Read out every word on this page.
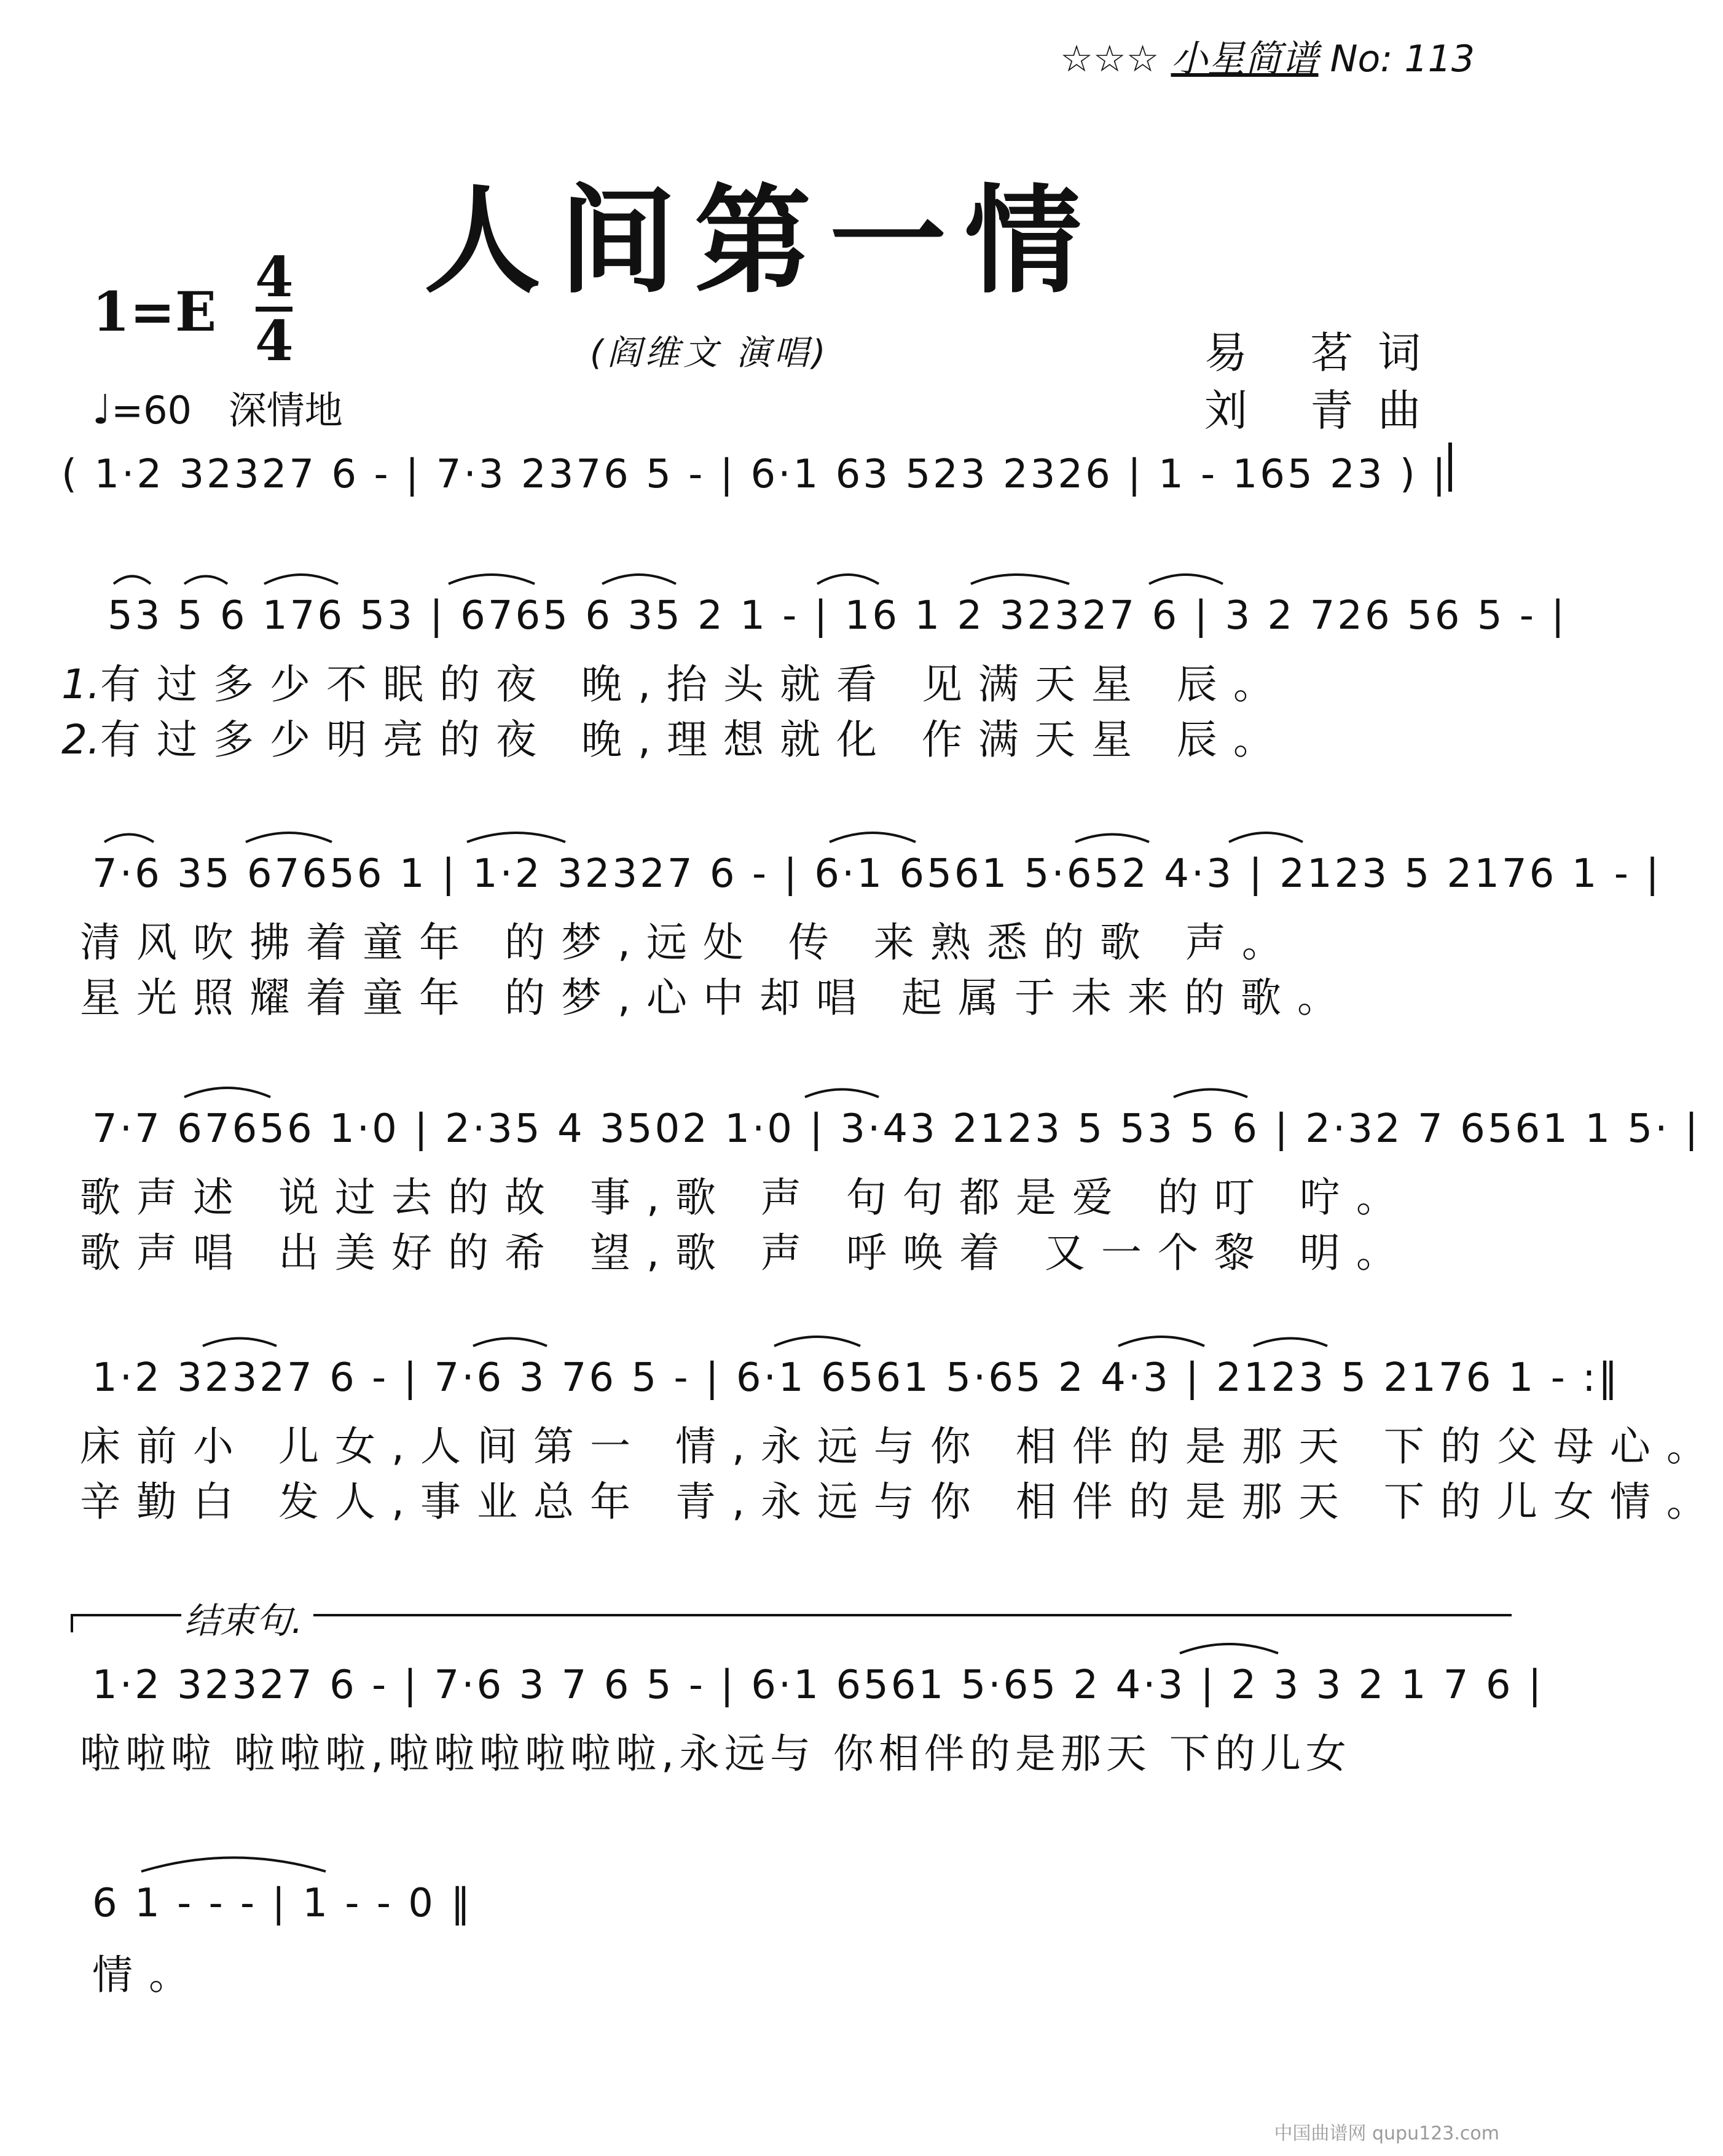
☆☆☆ 小星简谱 No: 113
人间第一情
1=E
4
4	(阎维文 演唱)	易 茗词
刘 青曲
♩=60 深情地
( 1·2 32327 6 - | 7·3 2376 5 - | 6·1 63 523 2326 | 1 - 165 23 ) |
53 5 6 176 53 | 6765 6 35 2 1 - | 16 1 2 32327 6 | 3 2 726 56 5 - |
1.有过多少不眠的夜 晚,抬头就看 见满天星 辰。
2.有过多少明亮的夜 晚,理想就化 作满天星 辰。
7·6 35 67656 1 | 1·2 32327 6 - | 6·1 6561 5·652 4·3 | 2123 5 2176 1 - |
清风吹拂着童年 的梦,远处 传 来熟悉的歌 声。
星光照耀着童年 的梦,心中却唱 起属于未来的歌。
7·7 67656 1·0 | 2·35 4 3502 1·0 | 3·43 2123 5 53 5 6 | 2·32 7 6561 1 5· |
歌声述 说过去的故 事,歌 声 句句都是爱 的叮 咛。
歌声唱 出美好的希 望,歌 声 呼唤着 又一个黎 明。
1·2 32327 6 - | 7·6 3 76 5 - | 6·1 6561 5·65 2 4·3 | 2123 5 2176 1 - :‖
床前小 儿女,人间第一 情,永远与你 相伴的是那天 下的父母心。
辛勤白 发人,事业总年 青,永远与你 相伴的是那天 下的儿女情。
结束句.
1·2 32327 6 - | 7·6 3 7 6 5 - | 6·1 6561 5·65 2 4·3 | 2 3 3 2 1 7 6 |
啦啦啦 啦啦啦,啦啦啦啦啦啦,永远与 你相伴的是那天 下的儿女
6 1 - - - | 1 - - 0 ‖
情。
中国曲谱网 qupu123.com
